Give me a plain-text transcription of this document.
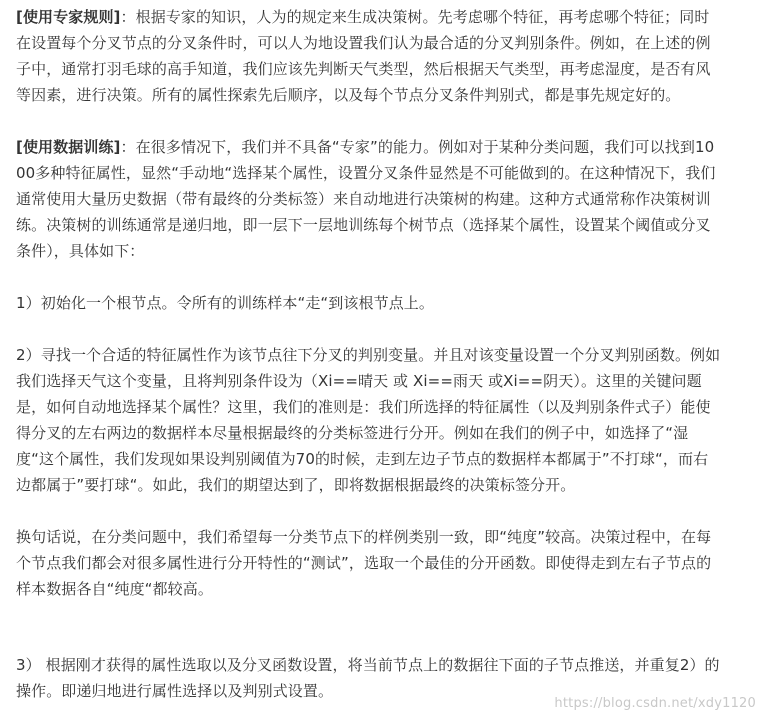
[使用专家规则]：根据专家的知识，人为的规定来生成决策树。先考虑哪个特征，再考虑哪个特征；同时在设置每个分叉节点的分叉条件时，可以人为地设置我们认为最合适的分叉判别条件。例如，在上述的例子中，通常打羽毛球的高手知道，我们应该先判断天气类型，然后根据天气类型，再考虑湿度，是否有风等因素，进行决策。所有的属性探索先后顺序，以及每个节点分叉条件判别式，都是事先规定好的。

[使用数据训练]：在很多情况下，我们并不具备“专家”的能力。例如对于某种分类问题，我们可以找到1000多种特征属性，显然“手动地“选择某个属性，设置分叉条件显然是不可能做到的。在这种情况下，我们通常使用大量历史数据（带有最终的分类标签）来自动地进行决策树的构建。这种方式通常称作决策树训练。决策树的训练通常是递归地，即一层下一层地训练每个树节点（选择某个属性，设置某个阈值或分叉条件），具体如下：

1）初始化一个根节点。令所有的训练样本“走“到该根节点上。

2）寻找一个合适的特征属性作为该节点往下分叉的判别变量。并且对该变量设置一个分叉判别函数。例如我们选择天气这个变量，且将判别条件设为（Xi==晴天 或 Xi==雨天 或Xi==阴天）。这里的关键问题是，如何自动地选择某个属性？这里，我们的准则是：我们所选择的特征属性（以及判别条件式子）能使得分叉的左右两边的数据样本尽量根据最终的分类标签进行分开。例如在我们的例子中，如选择了“湿度“这个属性，我们发现如果设判别阈值为70的时候，走到左边子节点的数据样本都属于”不打球“，而右边都属于”要打球“。如此，我们的期望达到了，即将数据根据最终的决策标签分开。

换句话说，在分类问题中，我们希望每一分类节点下的样例类别一致，即“纯度”较高。决策过程中，在每个节点我们都会对很多属性进行分开特性的“测试”，选取一个最佳的分开函数。即使得走到左右子节点的样本数据各自“纯度“都较高。

3） 根据刚才获得的属性选取以及分叉函数设置，将当前节点上的数据往下面的子节点推送，并重复2）的操作。即递归地进行属性选择以及判别式设置。

https://blog.csdn.net/xdy1120
